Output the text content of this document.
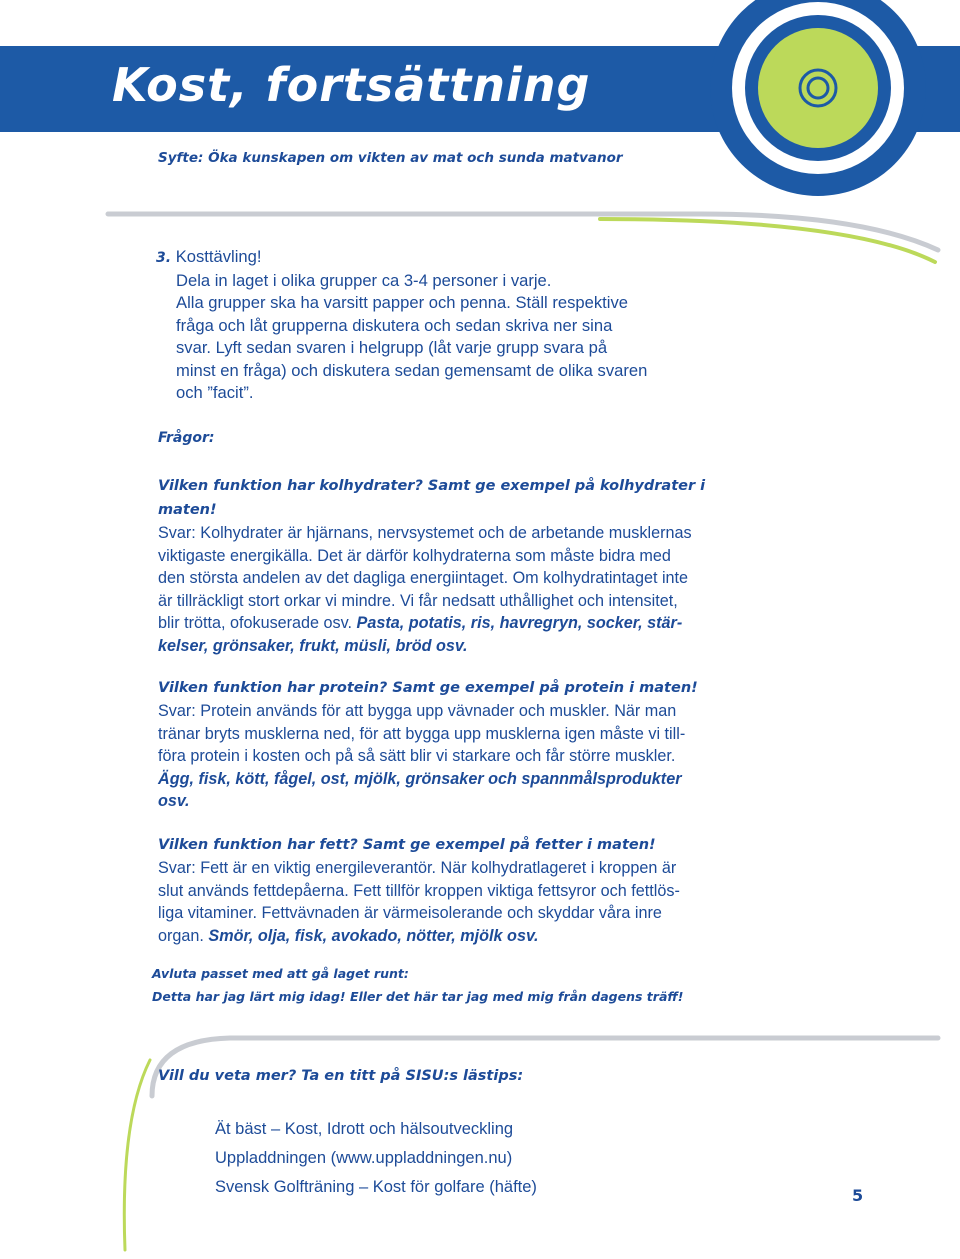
Kost, fortsättning
Syfte: Öka kunskapen om vikten av mat och sunda matvanor
3. Kosttävling!
Dela in laget i olika grupper ca 3-4 personer i varje.
Alla grupper ska ha varsitt papper och penna. Ställ respektive
fråga och låt grupperna diskutera och sedan skriva ner sina
svar. Lyft sedan svaren i helgrupp (låt varje grupp svara på
minst en fråga) och diskutera sedan gemensamt de olika svaren
och ”facit”.
Frågor:
Vilken funktion har kolhydrater? Samt ge exempel på kolhydrater i
maten!
Svar: Kolhydrater är hjärnans, nervsystemet och de arbetande musklernas
viktigaste energikälla. Det är därför kolhydraterna som måste bidra med
den största andelen av det dagliga energiintaget. Om kolhydratintaget inte
är tillräckligt stort orkar vi mindre. Vi får nedsatt uthållighet och intensitet,
blir trötta, ofokuserade osv. Pasta, potatis, ris, havregryn, socker, stär-
kelser, grönsaker, frukt, müsli, bröd osv.
Vilken funktion har protein? Samt ge exempel på protein i maten!
Svar: Protein används för att bygga upp vävnader och muskler. När man
tränar bryts musklerna ned, för att bygga upp musklerna igen måste vi till-
föra protein i kosten och på så sätt blir vi starkare och får större muskler.
Ägg, fisk, kött, fågel, ost, mjölk, grönsaker och spannmålsprodukter
osv.
Vilken funktion har fett? Samt ge exempel på fetter i maten!
Svar: Fett är en viktig energileverantör. När kolhydratlageret i kroppen är
slut används fettdepåerna. Fett tillför kroppen viktiga fettsyror och fettlös-
liga vitaminer. Fettvävnaden är värmeisolerande och skyddar våra inre
organ. Smör, olja, fisk, avokado, nötter, mjölk osv.
Avluta passet med att gå laget runt:
Detta har jag lärt mig idag! Eller det här tar jag med mig från dagens träff!
Vill du veta mer? Ta en titt på SISU:s lästips:
Ät bäst – Kost, Idrott och hälsoutveckling
Uppladdningen (www.uppladdningen.nu)
Svensk Golfträning – Kost för golfare (häfte)	5
